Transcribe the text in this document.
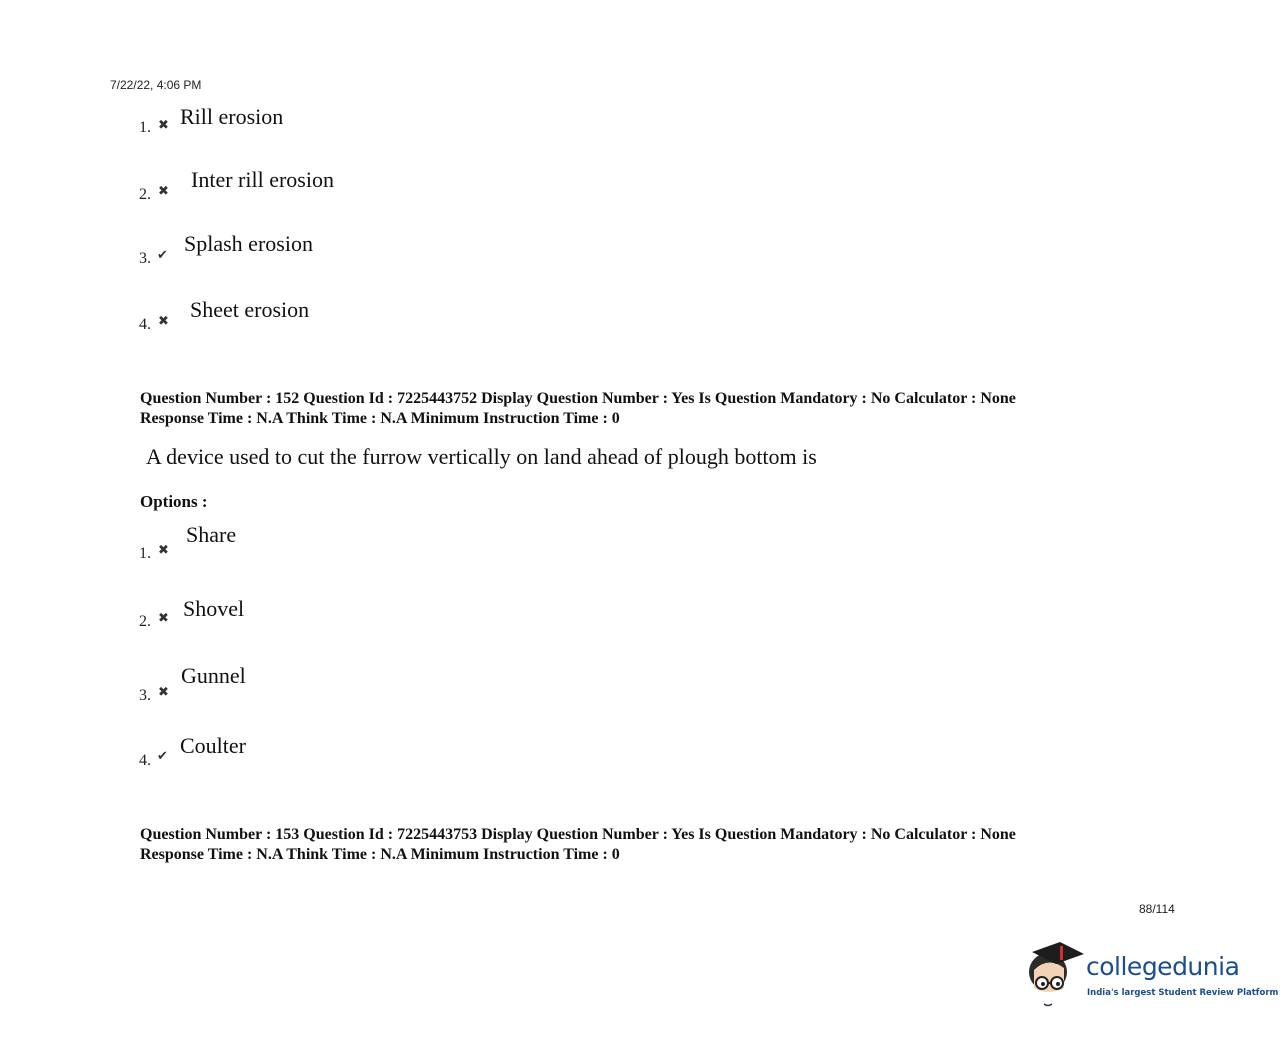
7/22/22, 4:06 PM
1. ✖ Rill erosion
2. ✖ Inter rill erosion
3. ✔ Splash erosion
4. ✖ Sheet erosion
Question Number : 152 Question Id : 7225443752 Display Question Number : Yes Is Question Mandatory : No Calculator : None
Response Time : N.A Think Time : N.A Minimum Instruction Time : 0
A device used to cut the furrow vertically on land ahead of plough bottom is
Options :
1. ✖
Share
2. ✖ Shovel
3. ✖
Gunnel
4. ✔ Coulter
Question Number : 153 Question Id : 7225443753 Display Question Number : Yes Is Question Mandatory : No Calculator : None
Response Time : N.A Think Time : N.A Minimum Instruction Time : 0
88/114
collegedunia
India's largest Student Review Platform
